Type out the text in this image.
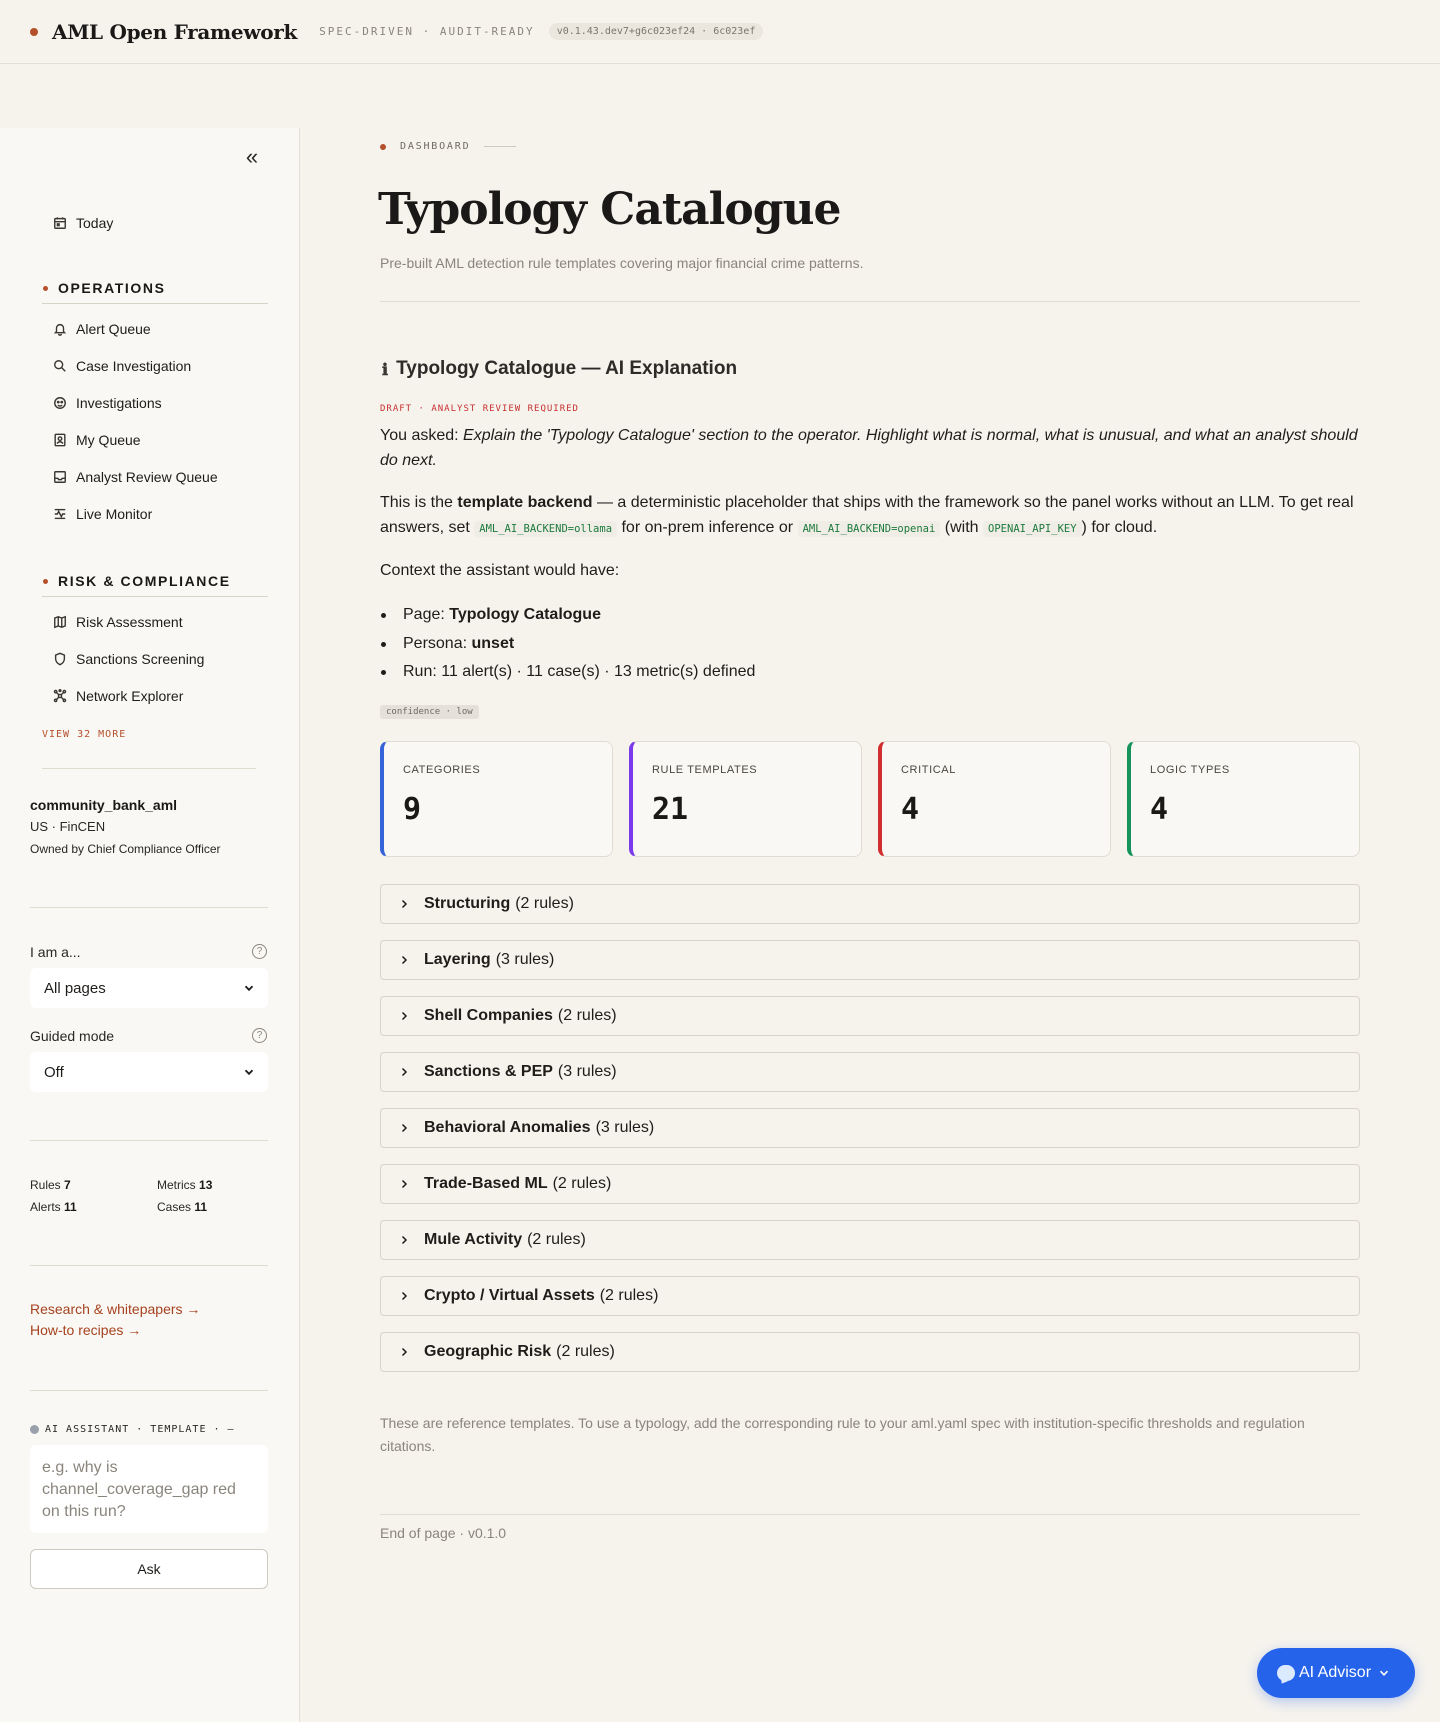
AML Open Framework SPEC-DRIVEN · AUDIT-READY	v0.1.43.dev7+g6c023ef24 · 6c023ef
«
Today
OPERATIONS
Alert Queue
Case Investigation
Investigations
My Queue
Analyst Review Queue
Live Monitor
RISK & COMPLIANCE
Risk Assessment
Sanctions Screening
Network Explorer
VIEW 32 MORE
community_bank_aml
US · FinCEN
Owned by Chief Compliance Officer
I am a...	?
All pages
Guided mode	?
Off
Rules 7	Metrics 13
Alerts 11	Cases 11
Research & whitepapers →
How-to recipes →
AI ASSISTANT · TEMPLATE · —
e.g. why is channel_coverage_gap red on this run?
Ask
DASHBOARD
Typology Catalogue
Pre-built AML detection rule templates covering major financial crime patterns.
ℹ Typology Catalogue — AI Explanation
DRAFT · ANALYST REVIEW REQUIRED
You asked: Explain the 'Typology Catalogue' section to the operator. Highlight what is normal, what is unusual, and what an analyst should do next.
This is the template backend — a deterministic placeholder that ships with the framework so the panel works without an LLM. To get real answers, set AML_AI_BACKEND=ollama for on-prem inference or AML_AI_BACKEND=openai (with OPENAI_API_KEY ) for cloud.
Context the assistant would have:
Page: Typology Catalogue
Persona: unset
Run: 11 alert(s) · 11 case(s) · 13 metric(s) defined
confidence · low
CATEGORIES
9
RULE TEMPLATES
21
CRITICAL
4
LOGIC TYPES
4
Structuring (2 rules)
Layering (3 rules)
Shell Companies (2 rules)
Sanctions & PEP (3 rules)
Behavioral Anomalies (3 rules)
Trade-Based ML (2 rules)
Mule Activity (2 rules)
Crypto / Virtual Assets (2 rules)
Geographic Risk (2 rules)
These are reference templates. To use a typology, add the corresponding rule to your aml.yaml spec with institution-specific thresholds and regulation citations.
End of page · v0.1.0
AI Advisor
